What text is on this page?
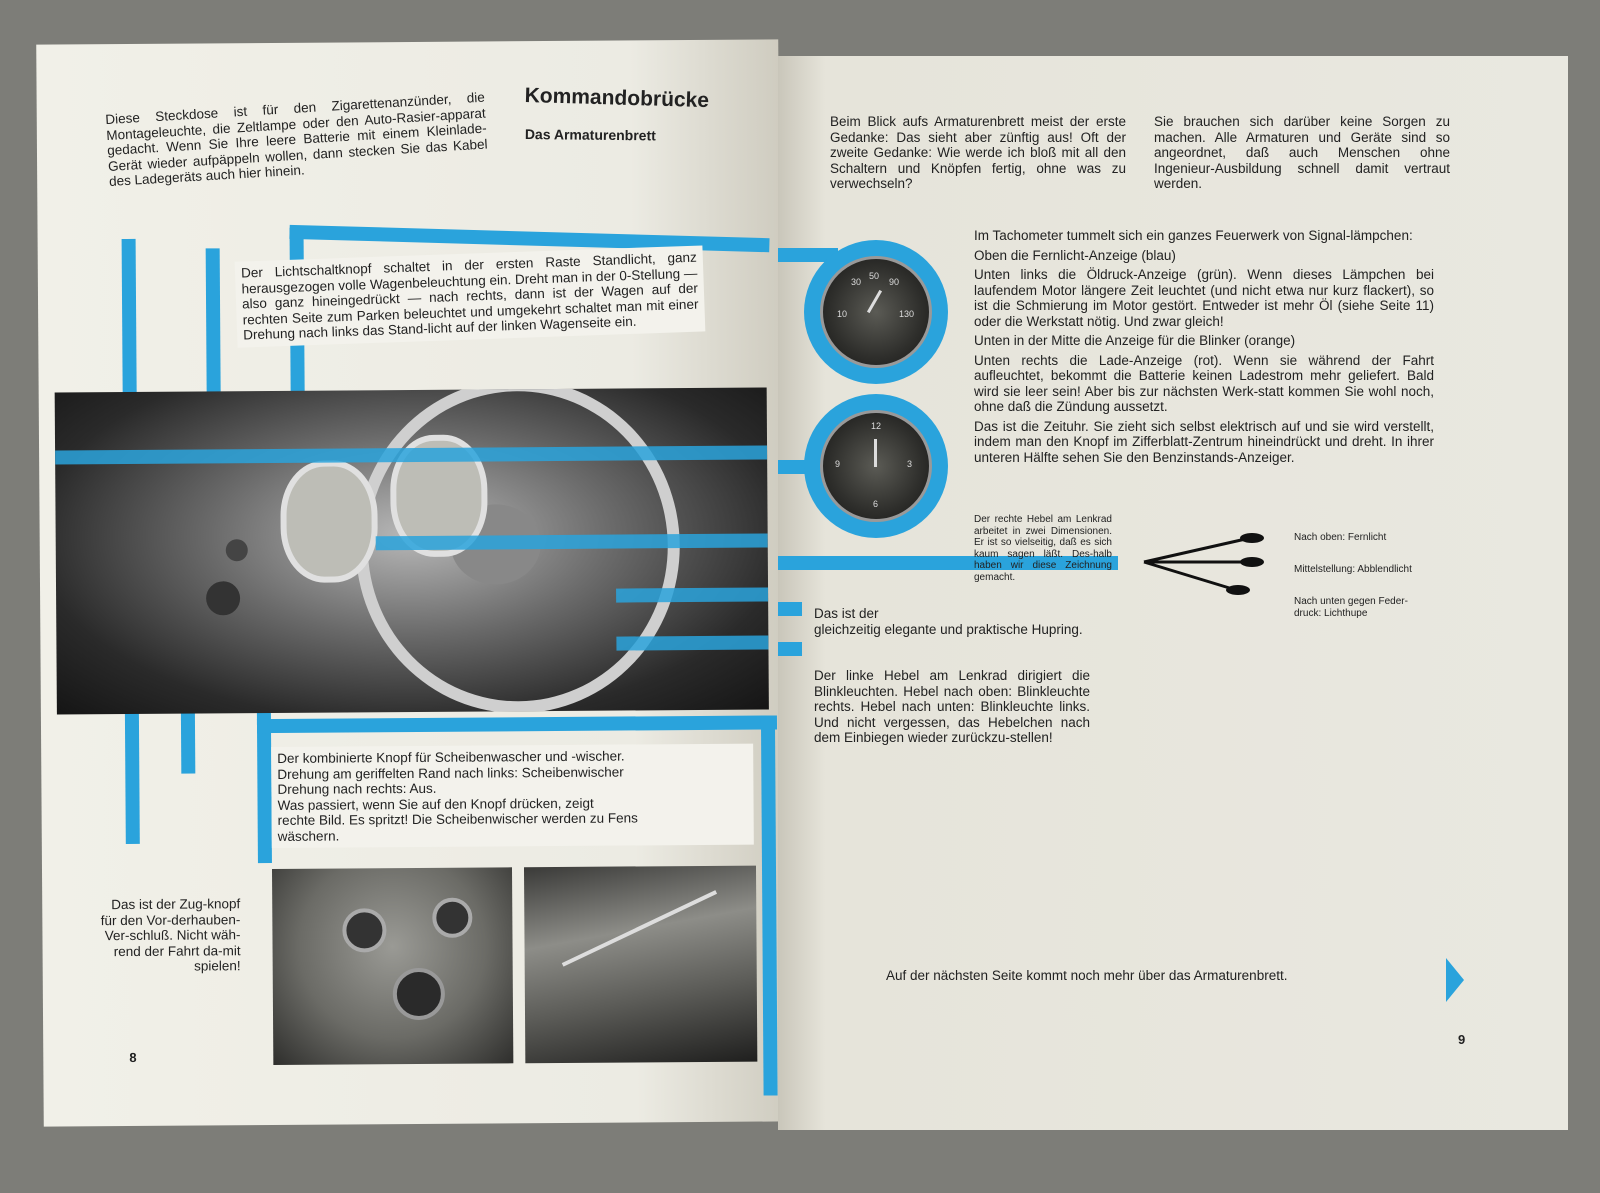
Diese Steckdose ist für den Zigarettenanzünder, die Montageleuchte, die Zeltlampe oder den Auto-Rasier-apparat gedacht. Wenn Sie Ihre leere Batterie mit einem Kleinlade-Gerät wieder aufpäppeln wollen, dann stecken Sie das Kabel des Ladegeräts auch hier hinein.
Kommandobrücke
Das Armaturenbrett
Der Lichtschaltknopf schaltet in der ersten Raste Standlicht, ganz herausgezogen volle Wagenbeleuchtung ein. Dreht man in der 0-Stellung — also ganz hineingedrückt — nach rechts, dann ist der Wagen auf der rechten Seite zum Parken beleuchtet und umgekehrt schaltet man mit einer Drehung nach links das Stand-licht auf der linken Wagenseite ein.
Der kombinierte Knopf für Scheibenwascher und -wischer.
Drehung am geriffelten Rand nach links: Scheibenwischer
Drehung nach rechts: Aus.
Was passiert, wenn Sie auf den Knopf drücken, zeigt
rechte Bild. Es spritzt! Die Scheibenwischer werden zu Fens
wäschern.
Das ist der Zug-knopf für den Vor-derhauben-Ver-schluß. Nicht wäh-rend der Fahrt da-mit spielen!
8
Beim Blick aufs Armaturenbrett meist der erste Gedanke: Das sieht aber zünftig aus! Oft der zweite Gedanke: Wie werde ich bloß mit all den Schaltern und Knöpfen fertig, ohne was zu verwechseln?
Sie brauchen sich darüber keine Sorgen zu machen. Alle Armaturen und Geräte sind so angeordnet, daß auch Menschen ohne Ingenieur-Ausbildung schnell damit vertraut werden.
30
50
90
10	130
12
3
6
9
Im Tachometer tummelt sich ein ganzes Feuerwerk von Signal-lämpchen:
Oben die Fernlicht-Anzeige (blau)
Unten links die Öldruck-Anzeige (grün). Wenn dieses Lämpchen bei laufendem Motor längere Zeit leuchtet (und nicht etwa nur kurz flackert), so ist die Schmierung im Motor gestört. Entweder ist mehr Öl (siehe Seite 11) oder die Werkstatt nötig. Und zwar gleich!
Unten in der Mitte die Anzeige für die Blinker (orange)
Unten rechts die Lade-Anzeige (rot). Wenn sie während der Fahrt aufleuchtet, bekommt die Batterie keinen Ladestrom mehr geliefert. Bald wird sie leer sein! Aber bis zur nächsten Werk-statt kommen Sie wohl noch, ohne daß die Zündung aussetzt.
Das ist die Zeituhr. Sie zieht sich selbst elektrisch auf und sie wird verstellt, indem man den Knopf im Zifferblatt-Zentrum hineindrückt und dreht. In ihrer unteren Hälfte sehen Sie den Benzinstands-Anzeiger.
Der rechte Hebel am Lenkrad arbeitet in zwei Dimensionen. Er ist so vielseitig, daß es sich kaum sagen läßt. Des-halb haben wir diese Zeichnung gemacht.
Nach oben: Fernlicht
Mittelstellung: Abblendlicht
Nach unten gegen Feder-druck: Lichthupe
Das ist der
gleichzeitig elegante und praktische Hupring.
Der linke Hebel am Lenkrad dirigiert die Blinkleuchten. Hebel nach oben: Blinkleuchte rechts. Hebel nach unten: Blinkleuchte links. Und nicht vergessen, das Hebelchen nach dem Einbiegen wieder zurückzu-stellen!
Auf der nächsten Seite kommt noch mehr über das Armaturenbrett.
9
